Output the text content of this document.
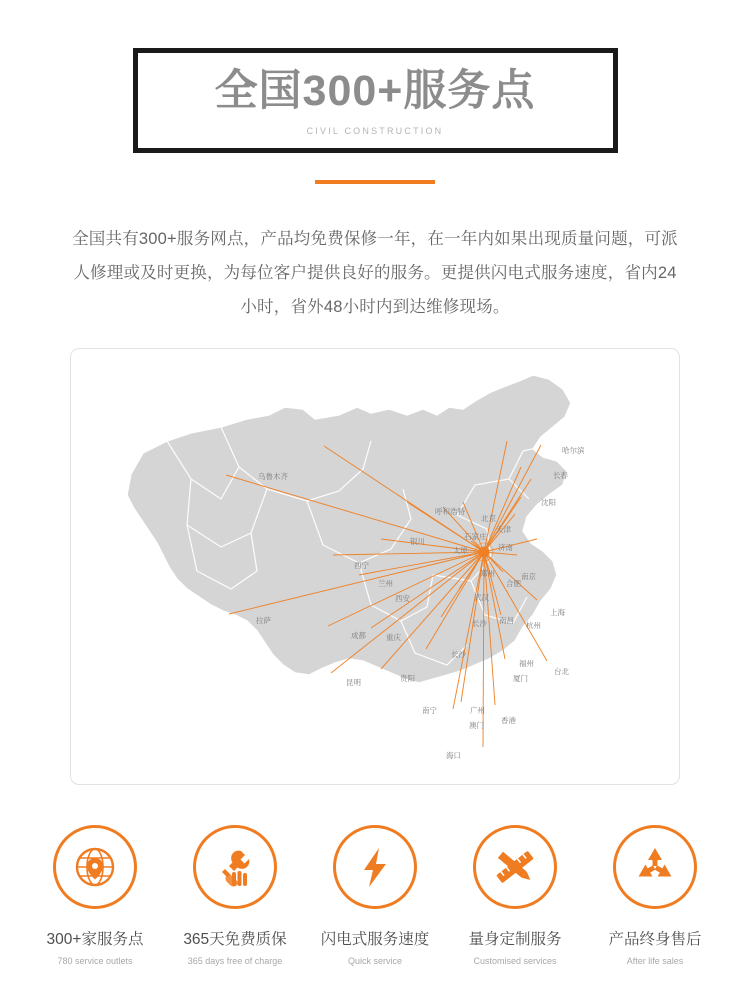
全国300+服务点
CIVIL CONSTRUCTION
全国共有300+服务网点，产品均免费保修一年，在一年内如果出现质量问题，可派人修理或及时更换，为每位客户提供良好的服务。更提供闪电式服务速度，省内24小时，省外48小时内到达维修现场。
哈尔滨
长春
沈阳
呼和浩特
北京
天津
石家庄
乌鲁木齐
银川
太原	济南
西宁
郑州
兰州	合肥
南京
西安	武汉
上海
拉萨
成都	重庆
长沙 南昌
杭州
贵阳
昆明
长沙
福州
厦门
台北
南宁	广州
澳门
香港
海口
300+家服务点
780 service outlets
365天免费质保
365 days free of charge
闪电式服务速度
Quick service
量身定制服务
Customised services
产品终身售后
After life sales
